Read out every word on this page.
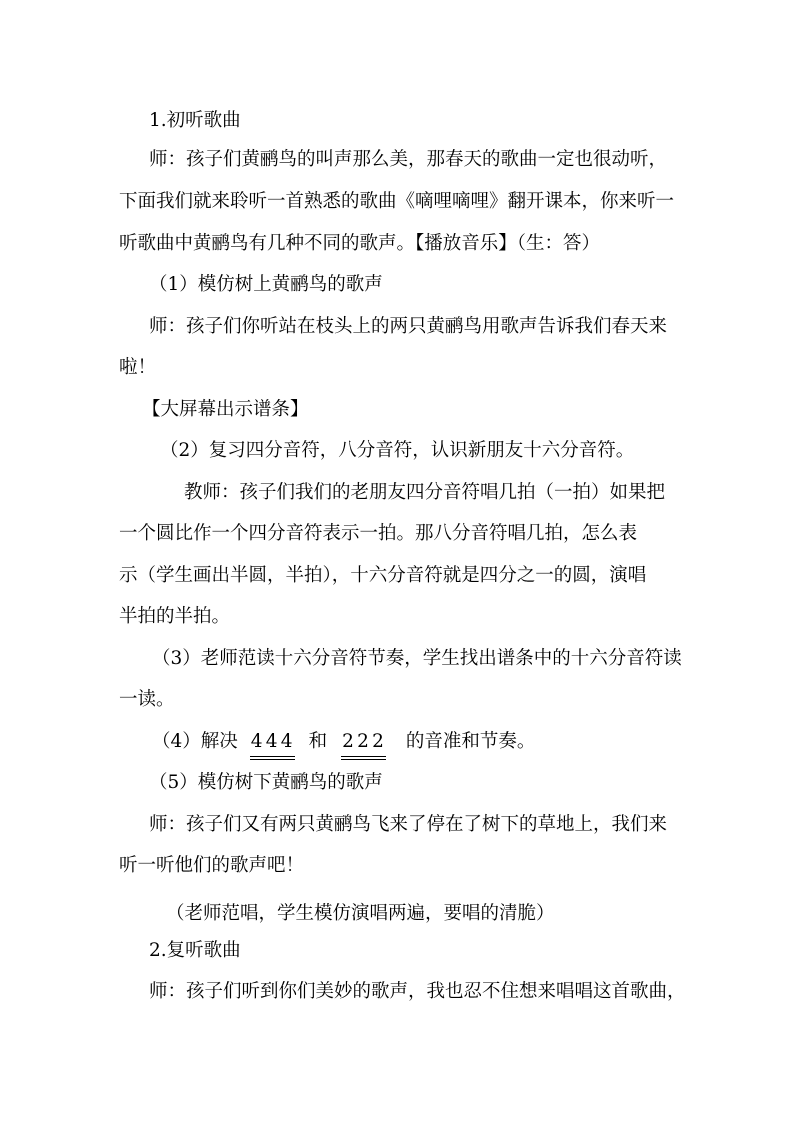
1.初听歌曲
师：孩子们黄鹂鸟的叫声那么美，那春天的歌曲一定也很动听，
下面我们就来聆听一首熟悉的歌曲《嘀哩嘀哩》翻开课本，你来听一
听歌曲中黄鹂鸟有几种不同的歌声。【播放音乐】（生：答）
（1）模仿树上黄鹂鸟的歌声
师：孩子们你听站在枝头上的两只黄鹂鸟用歌声告诉我们春天来
啦！
【大屏幕出示谱条】
（2）复习四分音符，八分音符，认识新朋友十六分音符。
教师：孩子们我们的老朋友四分音符唱几拍（一拍）如果把
一个圆比作一个四分音符表示一拍。那八分音符唱几拍，怎么表
示（学生画出半圆，半拍），十六分音符就是四分之一的圆，演唱
半拍的半拍。
（3）老师范读十六分音符节奏，学生找出谱条中的十六分音符读
一读。
（4）解决 4 4 4 和 2 2 2 的音准和节奏。
（5）模仿树下黄鹂鸟的歌声
师：孩子们又有两只黄鹂鸟飞来了停在了树下的草地上，我们来
听一听他们的歌声吧！
（老师范唱，学生模仿演唱两遍，要唱的清脆）
2.复听歌曲
师：孩子们听到你们美妙的歌声，我也忍不住想来唱唱这首歌曲，
